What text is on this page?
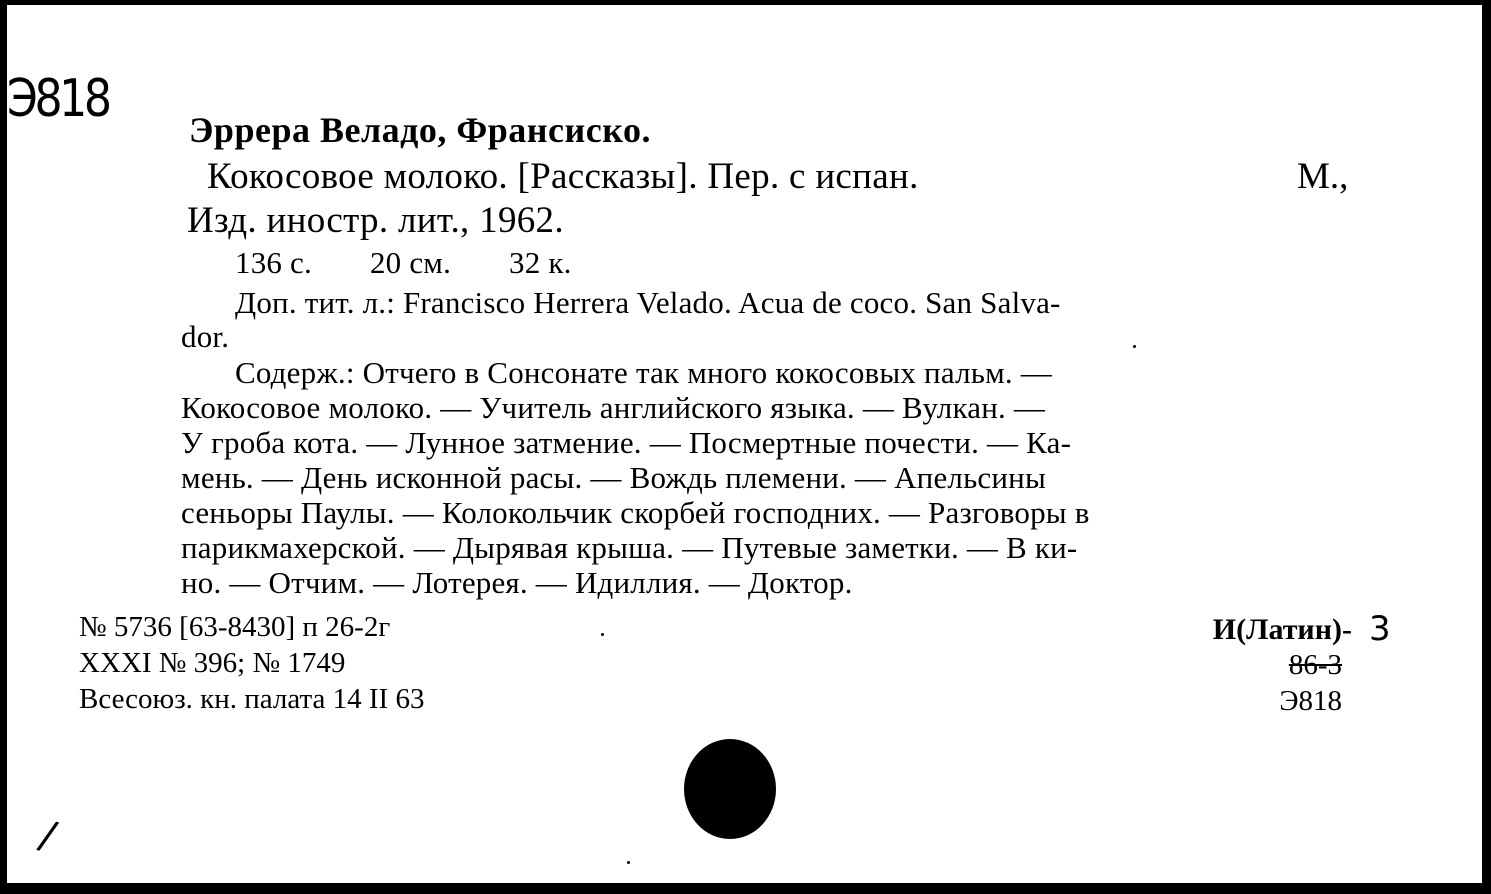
Э818
Эррера Веладо, Франсиско.
Кокосовое молоко. [Рассказы]. Пер. с испан.	М.,
Изд. иностр. лит., 1962.
136 с. 20 см. 32 к.
Доп. тит. л.: Francisco Herrera Velado. Acua de coco. San Salva-
dor.
Содерж.: Отчего в Сонсонате так много кокосовых пальм. —
Кокосовое молоко. — Учитель английского языка. — Вулкан. —
У гроба кота. — Лунное затмение. — Посмертные почести. — Ка-
мень. — День исконной расы. — Вождь племени. — Апельсины
сеньоры Паулы. — Колокольчик скорбей господних. — Разговоры в
парикмахерской. — Дырявая крыша. — Путевые заметки. — В ки-
но. — Отчим. — Лотерея. — Идиллия. — Доктор.
№ 5736 [63-8430] п 26-2г
XXXI № 396; № 1749
Всесоюз. кн. палата 14 II 63
И(Латин)- 3
86-3
Э818
/
